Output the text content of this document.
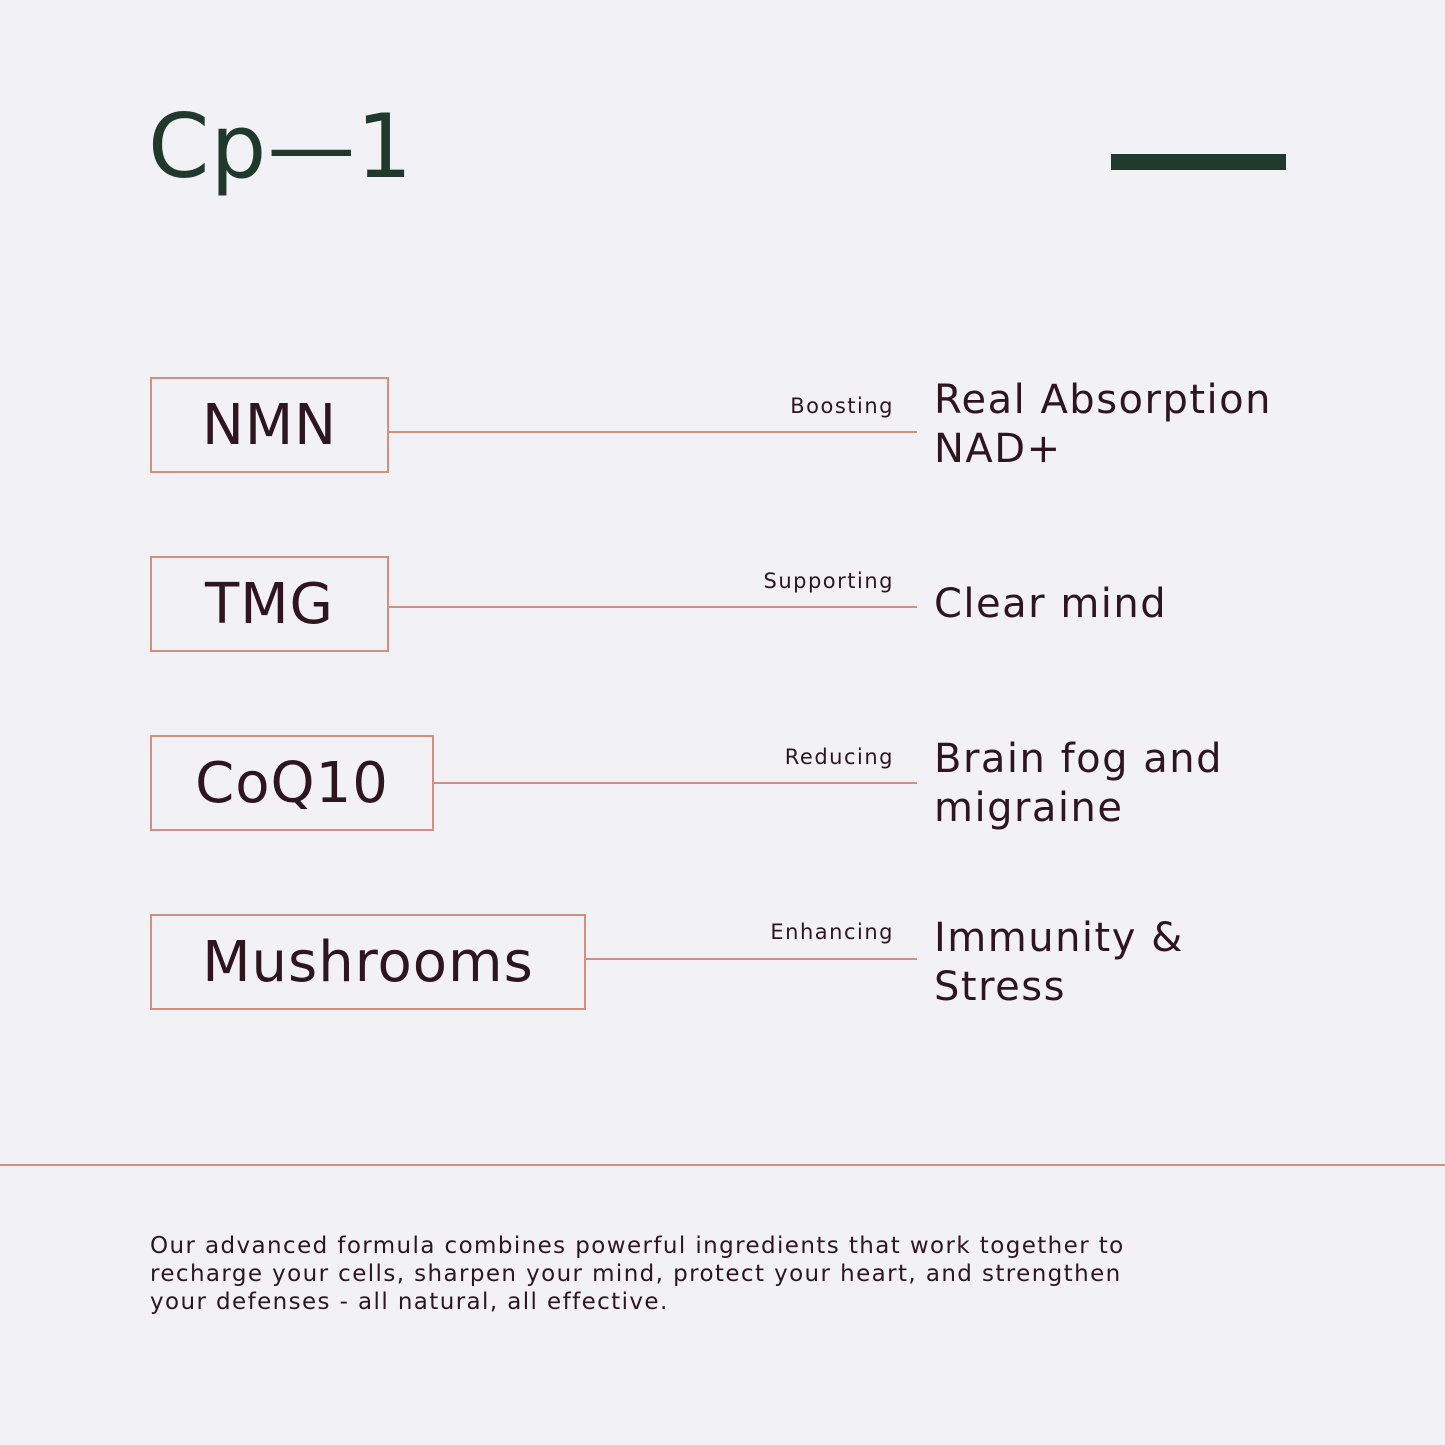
Cp—1
NMN	Boosting Real Absorption
NAD+
TMG	Supporting Clear mind
CoQ10	Reducing Brain fog and
migraine
Mushrooms	Enhancing Immunity &
Stress
Our advanced formula combines powerful ingredients that work together to
recharge your cells, sharpen your mind, protect your heart, and strengthen
your defenses - all natural, all effective.
